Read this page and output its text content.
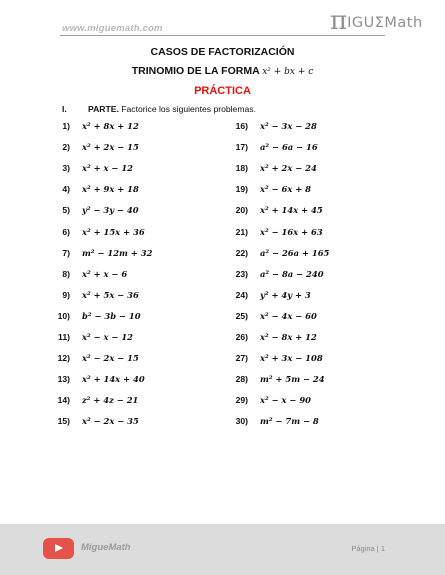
www.miguemath.com	πIGUΣMath
CASOS DE FACTORIZACIÓN
TRINOMIO DE LA FORMA x² + bx + c
PRÁCTICA
I. PARTE. Factorice los siguientes problemas.
1) x² + 8x + 12
2) x² + 2x − 15
3) x² + x − 12
4) x² + 9x + 18
5) y² − 3y − 40
6) x² + 15x + 36
7) m² − 12m + 32
8) x² + x − 6
9) x² + 5x − 36
10) b² − 3b − 10
11) x² − x − 12
12) x² − 2x − 15
13) x² + 14x + 40
14) z² + 4z − 21
15) x² − 2x − 35
16) x² − 3x − 28
17) a² − 6a − 16
18) x² + 2x − 24
19) x² − 6x + 8
20) x² + 14x + 45
21) x² − 16x + 63
22) a² − 26a + 165
23) a² − 8a − 240
24) y² + 4y + 3
25) x² − 4x − 60
26) x² − 8x + 12
27) x² + 3x − 108
28) m² + 5m − 24
29) x² − x − 90
30) m² − 7m − 8
MigueMath	Página | 1
